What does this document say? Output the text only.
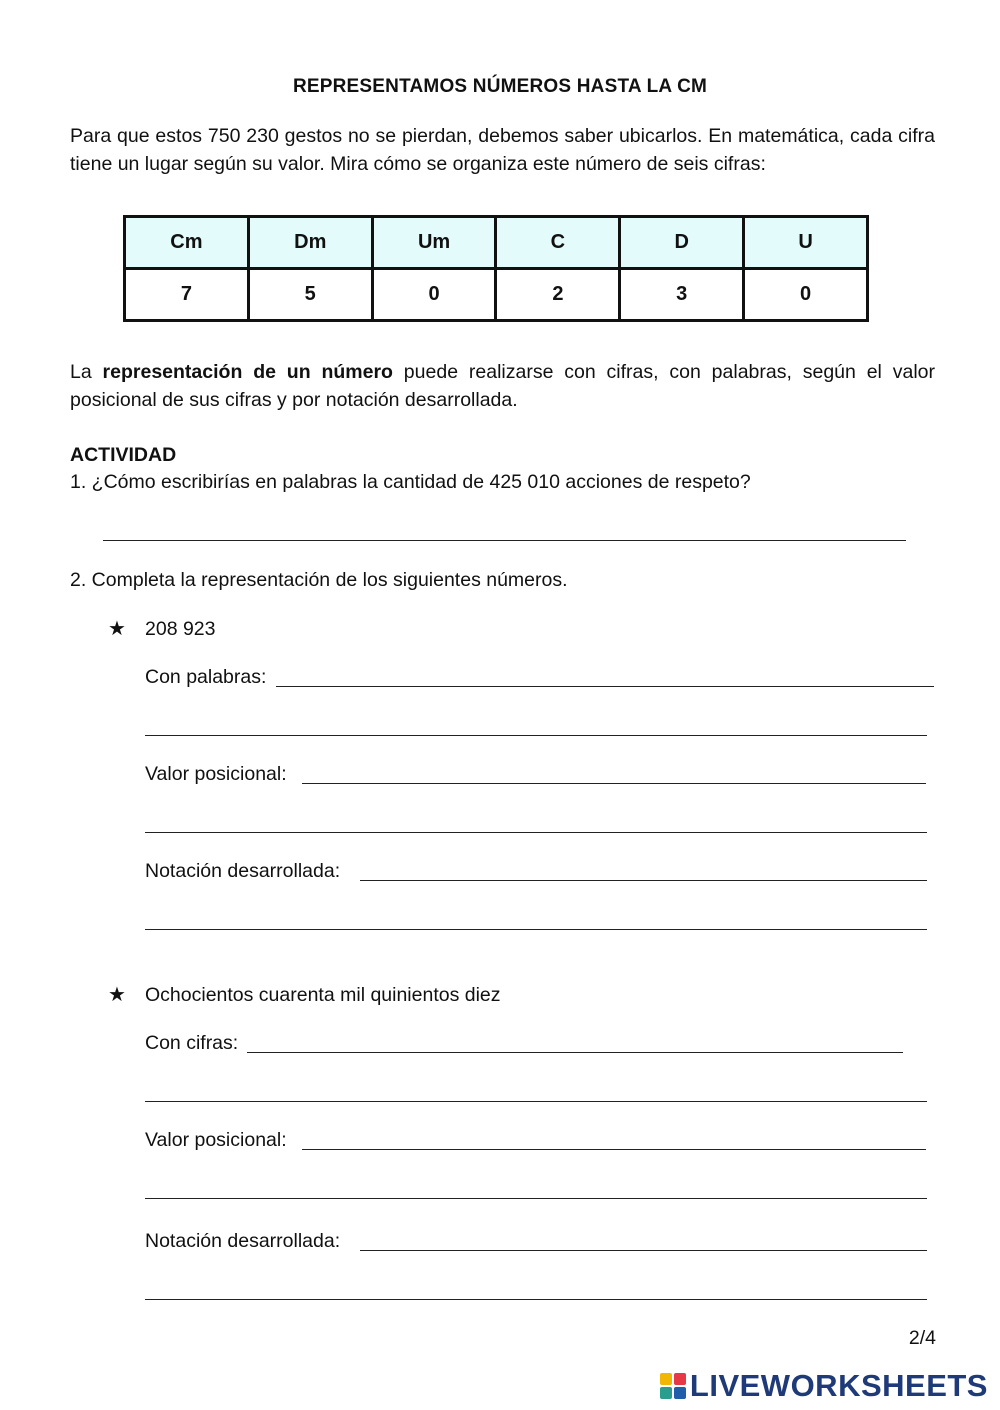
REPRESENTAMOS NÚMEROS HASTA LA CM
Para que estos 750 230 gestos no se pierdan, debemos saber ubicarlos. En matemática, cada cifra tiene un lugar según su valor. Mira cómo se organiza este número de seis cifras:
Cm	Dm	Um	C	D	U
7	5	0	2	3	0
La representación de un número puede realizarse con cifras, con palabras, según el valor posicional de sus cifras y por notación desarrollada.
ACTIVIDAD
1. ¿Cómo escribirías en palabras la cantidad de 425 010 acciones de respeto?
2. Completa la representación de los siguientes números.
★ 208 923
Con palabras:
Valor posicional:
Notación desarrollada:
★ Ochocientos cuarenta mil quinientos diez
Con cifras:
Valor posicional:
Notación desarrollada:
2/4
LIVEWORKSHEETS
